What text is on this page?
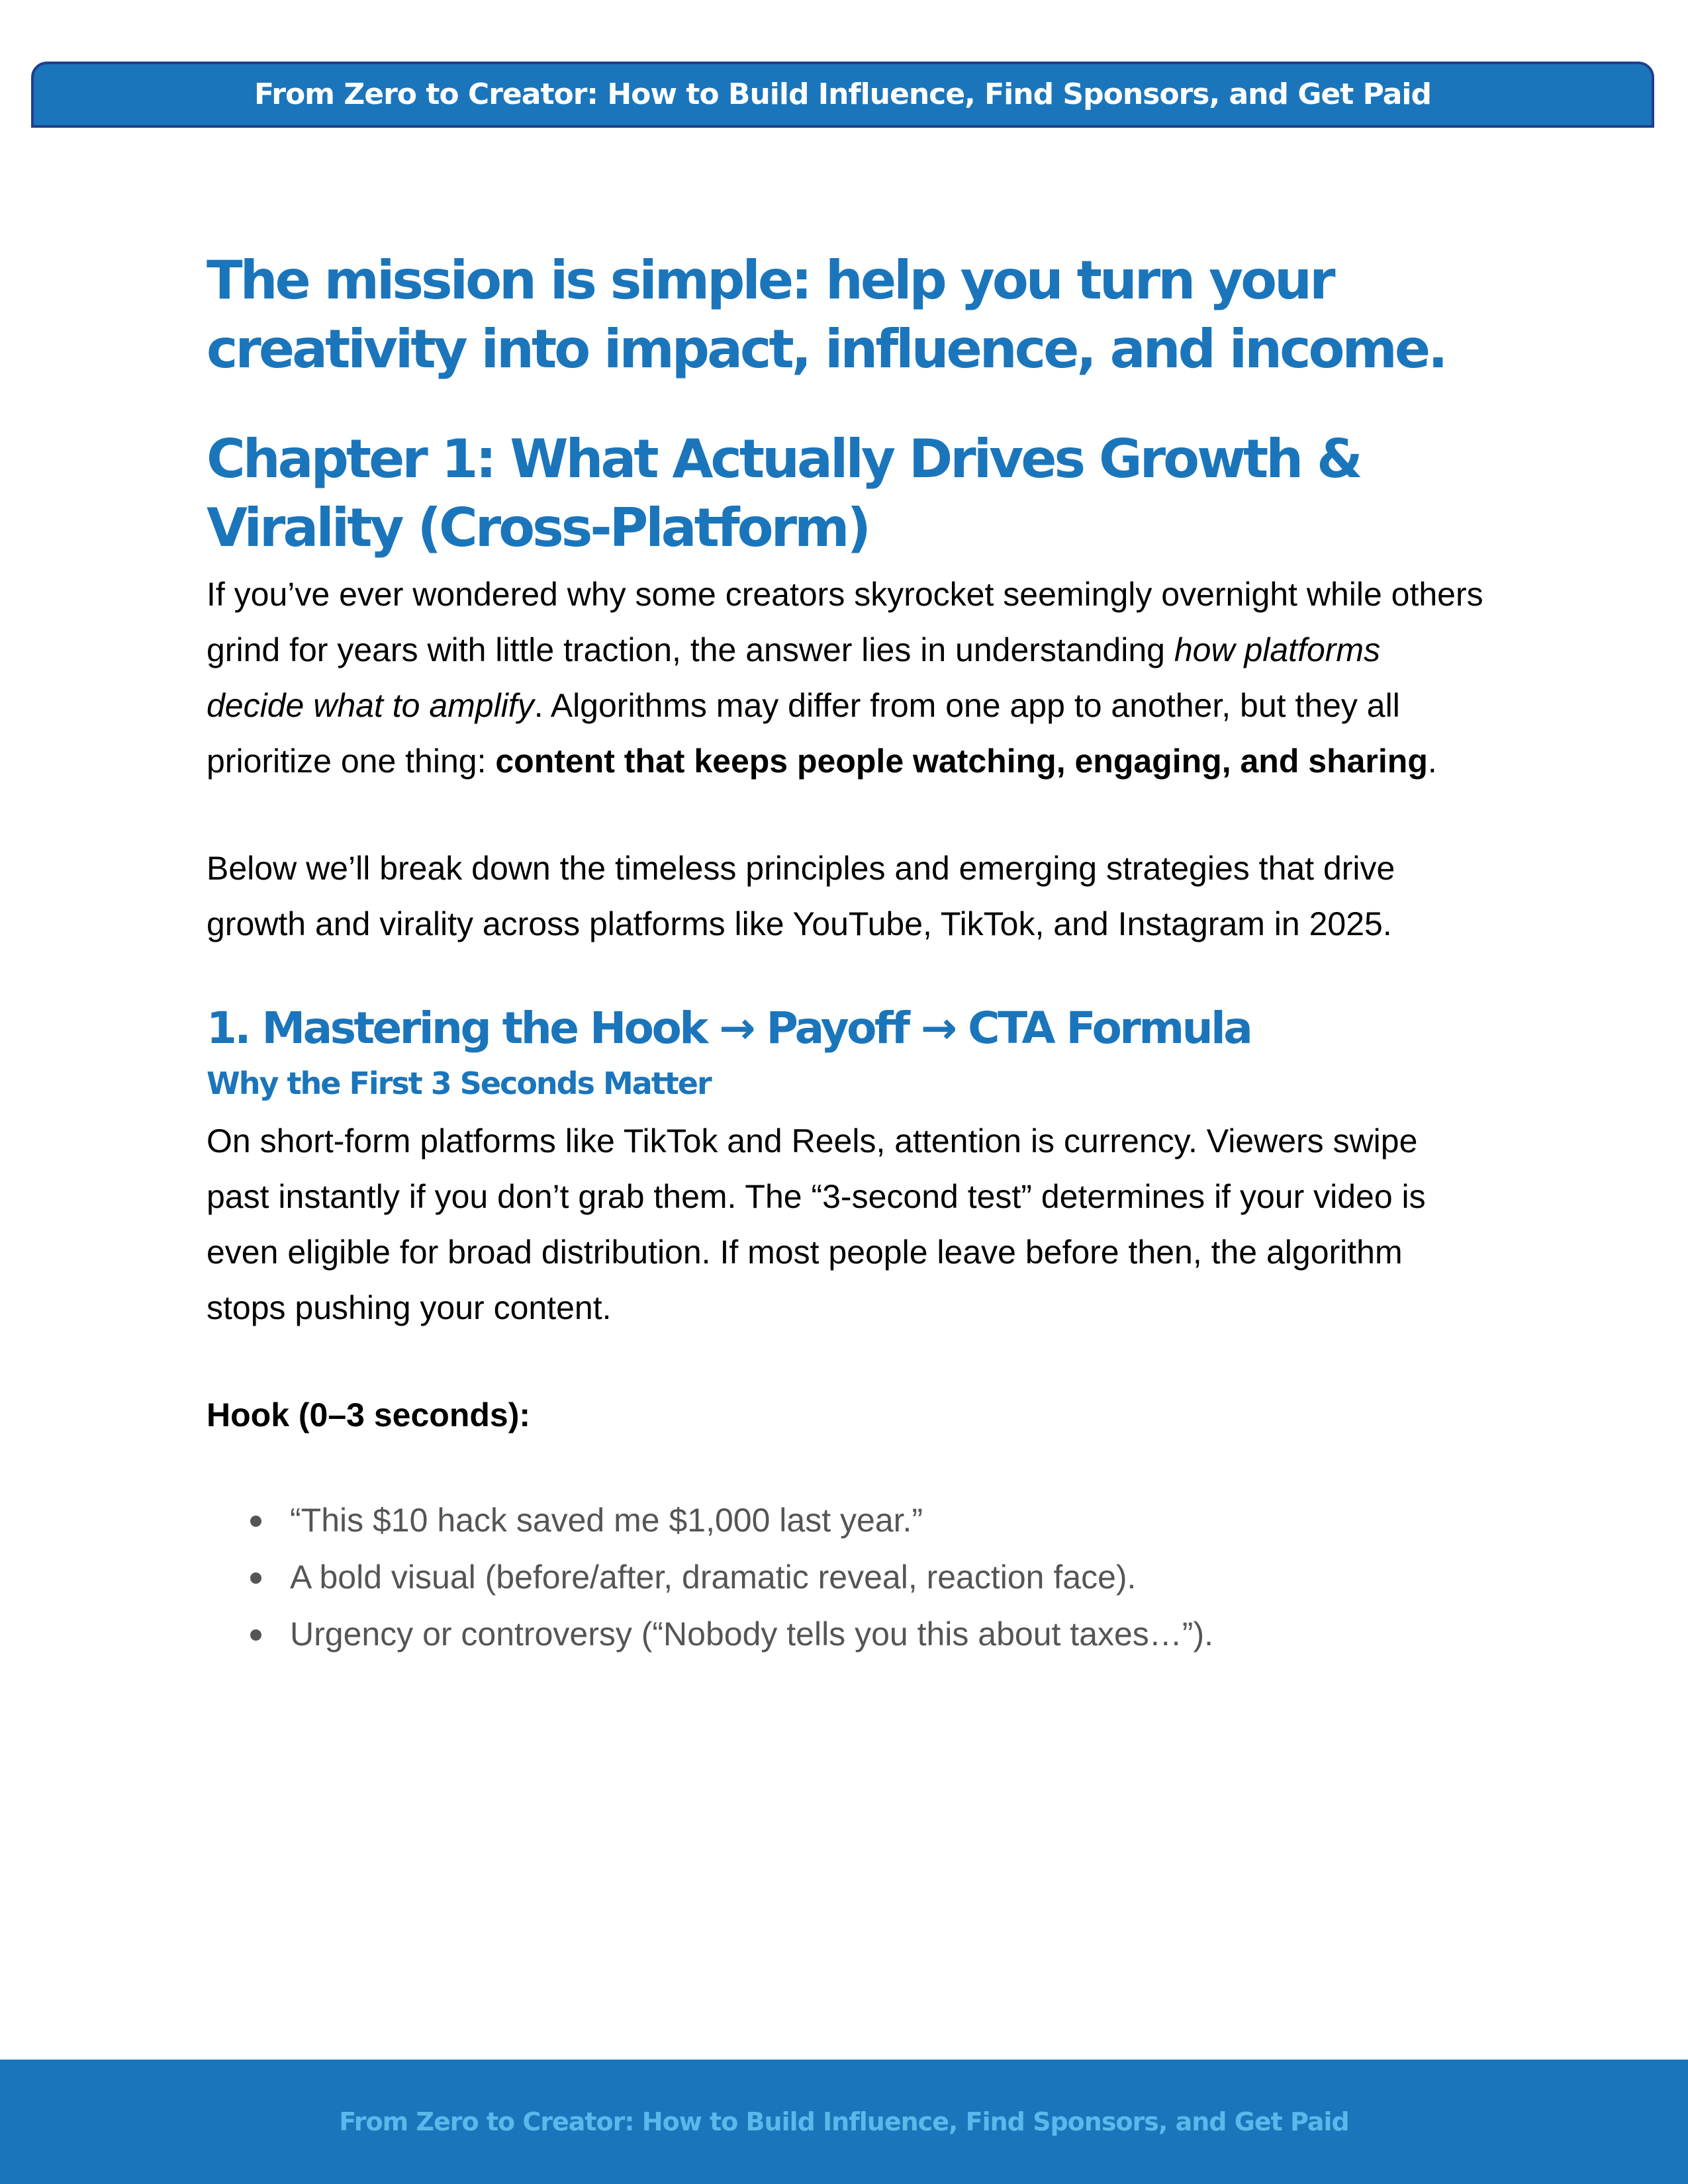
From Zero to Creator: How to Build Influence, Find Sponsors, and Get Paid
The mission is simple: help you turn your creativity into impact, influence, and income.
Chapter 1: What Actually Drives Growth & Virality (Cross-Platform)

If you’ve ever wondered why some creators skyrocket seemingly overnight while others grind for years with little traction, the answer lies in understanding how platforms decide what to amplify. Algorithms may differ from one app to another, but they all prioritize one thing: content that keeps people watching, engaging, and sharing.

Below we’ll break down the timeless principles and emerging strategies that drive growth and virality across platforms like YouTube, TikTok, and Instagram in 2025.

1. Mastering the Hook → Payoff → CTA Formula
Why the First 3 Seconds Matter

On short-form platforms like TikTok and Reels, attention is currency. Viewers swipe past instantly if you don’t grab them. The “3-second test” determines if your video is even eligible for broad distribution. If most people leave before then, the algorithm stops pushing your content.

Hook (0–3 seconds):

“This $10 hack saved me $1,000 last year.”
A bold visual (before/after, dramatic reveal, reaction face).
Urgency or controversy (“Nobody tells you this about taxes…”).
From Zero to Creator: How to Build Influence, Find Sponsors, and Get Paid
